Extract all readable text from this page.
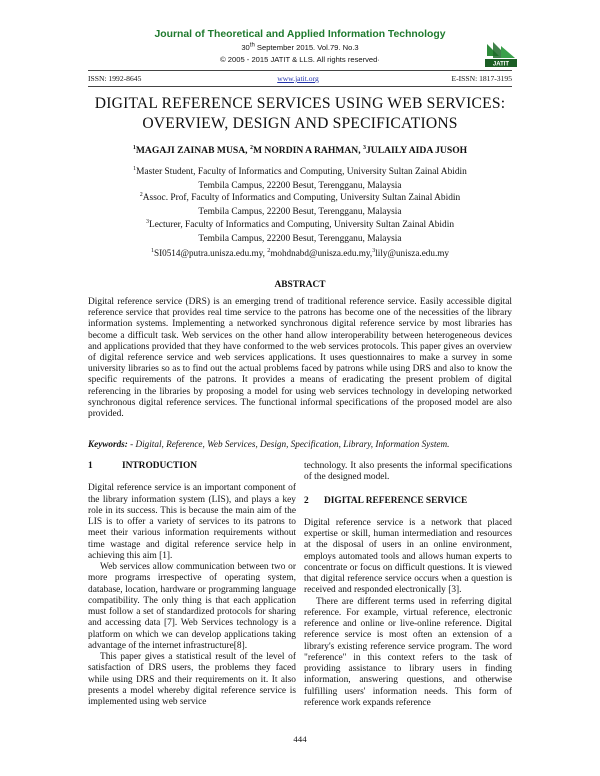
Journal of Theoretical and Applied Information Technology
30th September 2015. Vol.79. No.3
© 2005 - 2015 JATIT & LLS. All rights reserved·
JATIT
ISSN: 1992-8645	www.jatit.org	E-ISSN: 1817-3195
DIGITAL REFERENCE SERVICES USING WEB SERVICES:
OVERVIEW, DESIGN AND SPECIFICATIONS
$^1$MAGAJI ZAINAB MUSA, $^2$M NORDIN A RAHMAN, $^3$JULAILY AIDA JUSOH
$^1$Master Student, Faculty of Informatics and Computing, University Sultan Zainal Abidin
Tembila Campus, 22200 Besut, Terengganu, Malaysia
$^2$Assoc. Prof, Faculty of Informatics and Computing, University Sultan Zainal Abidin
Tembila Campus, 22200 Besut, Terengganu, Malaysia
$^3$Lecturer, Faculty of Informatics and Computing, University Sultan Zainal Abidin
Tembila Campus, 22200 Besut, Terengganu, Malaysia
$^1$SI0514@putra.unisza.edu.my, $^2$mohdnabd@unisza.edu.my,$^3$lily@unisza.edu.my
ABSTRACT
Digital reference service (DRS) is an emerging trend of traditional reference service. Easily accessible digital reference service that provides real time service to the patrons has become one of the necessities of the library information systems. Implementing a networked synchronous digital reference service by most libraries has become a difficult task. Web services on the other hand allow interoperability between heterogeneous devices and applications provided that they have conformed to the web services protocols. This paper gives an overview of digital reference service and web services applications. It uses questionnaires to make a survey in some university libraries so as to find out the actual problems faced by patrons while using DRS and also to know the specific requirements of the patrons. It provides a means of eradicating the present problem of digital referencing in the libraries by proposing a model for using web services technology in developing networked synchronous digital reference services. The functional informal specifications of the proposed model are also provided.
Keywords: - Digital, Reference, Web Services, Design, Specification, Library, Information System.
1	INTRODUCTION

Digital reference service is an important component of the library information system (LIS), and plays a key role in its success. This is because the main aim of the LIS is to offer a variety of services to its patrons to meet their various information requirements without time wastage and digital reference service help in achieving this aim [1].

Web services allow communication between two or more programs irrespective of operating system, database, location, hardware or programming language compatibility. The only thing is that each application must follow a set of standardized protocols for sharing and accessing data [7]. Web Services technology is a platform on which we can develop applications taking advantage of the internet infrastructure[8].

This paper gives a statistical result of the level of satisfaction of DRS users, the problems they faced while using DRS and their requirements on it. It also presents a model whereby digital reference service is implemented using web service

technology. It also presents the informal specifications of the designed model.

2 DIGITAL REFERENCE SERVICE

Digital reference service is a network that placed expertise or skill, human intermediation and resources at the disposal of users in an online environment, employs automated tools and allows human experts to concentrate or focus on difficult questions. It is viewed that digital reference service occurs when a question is received and responded electronically [3].

There are different terms used in referring digital reference. For example, virtual reference, electronic reference and online or live-online reference. Digital reference service is most often an extension of a library's existing reference service program. The word "reference" in this context refers to the task of providing assistance to library users in finding information, answering questions, and otherwise fulfilling users' information needs. This form of reference work expands reference

444
